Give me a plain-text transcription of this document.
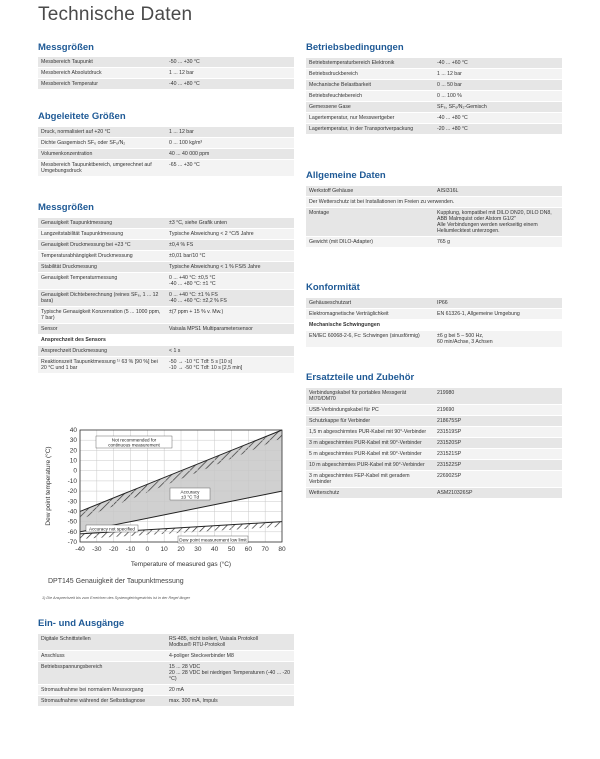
Technische Daten
Messgrößen
Messbereich Taupunkt	-50 ... +30 °C
Messbereich Absolutdruck	1 ... 12 bar
Messbereich Temperatur	-40 ... +80 °C
Abgeleitete Größen
Druck, normalisiert auf +20 °C	1 ... 12 bar
Dichte Gasgemisch SF₆ oder SF₆/N₂	0 ... 100 kg/m³
Volumenkonzentration	40 ... 40 000 ppm
Messbereich Taupunktbereich, umgerechnet auf Umgebungsdruck	-65 ... +30 °C
Messgrößen
Genauigkeit Taupunktmessung	±3 °C, siehe Grafik unten
Langzeitstabilität Taupunktmessung	Typische Abweichung < 2 °C/5 Jahre
Genauigkeit Druckmessung bei +23 °C	±0,4 % FS
Temperaturabhängigkeit Druckmessung	±0,01 bar/10 °C
Stabilität Druckmessung	Typische Abweichung < 1 % FS/5 Jahre
Genauigkeit Temperaturmessung	0 ... +40 °C: ±0,5 °C
-40 ... +80 °C: ±1 °C
Genauigkeit Dichteberechnung (reines SF₆, 1 ... 12 bara)	0 ... +40 °C: ±1 % FS
-40 ... +60 °C: ±2,2 % FS
Typische Genauigkeit Konzenration (5 ... 1000 ppm, 7 bar)	±(7 ppm + 15 % v. Mw.)
Sensor	Vaisala MPS1 Multiparametersensor
Ansprechzeit des Sensors	
Ansprechzeit Druckmessung	< 1 s
Reaktionszeit Taupunktmessung ¹⁾ 63 % [90 %] bei 20 °C und 1 bar	-50 → -10 °C Tdf: 5 s [10 s]
-10 → -50 °C Tdf: 10 s [2,5 min]
-40 -30 -20 -10 0 10 20 30 40 50 60 70 80
40
30
20
10
0
-10
-20
-30
-40
-50
-60
-70
Not recommended for
continuous measurement
Accuracy
±3 °C Td
Accuracy not specified
Dew point measurement low limit
Temperature of measured gas (°C)
Dew point temperature (°C)
DPT145 Genauigkeit der Taupunktmessung
1) Die Ansprechzeit bis zum Erreichen des Systemgleichgewichts ist in der Regel länger
Ein- und Ausgänge
Digitale Schnittstellen	RS-485, nicht isoliert, Vaisala Protokoll
Modbus® RTU-Protokoll
Anschluss	4-poliger Steckverbinder M8
Betriebsspannungsbereich	15 ... 28 VDC
20 ... 28 VDC bei niedrigen Temperaturen (-40 ... -20 °C)
Stromaufnahme bei normalem Messvorgang	20 mA
Stromaufnahme während der Selbstdiagnose	max. 300 mA, Impuls
Betriebsbedingungen
Betriebstemperaturbereich Elektronik	-40 ... +60 °C
Betriebsdruckbereich	1 ... 12 bar
Mechanische Belastbarkeit	0 ... 50 bar
Betriebsfeuchtebereich	0 ... 100 %
Gemessene Gase	SF₆, SF₆/N₂-Gemisch
Lagertemperatur, nur Messwertgeber	-40 ... +80 °C
Lagertemperatur, in der Transportverpackung	-20 ... +80 °C
Allgemeine Daten
Werkstoff Gehäuse	AISI316L
Der Wetterschutz ist bei Installationen im Freien zu verwenden.	
Montage	Kupplung, kompatibel mit DILO DN20, DILO DN8, ABB Malmquist oder Alstom G1/2"
Alle Verbindungen werden werkseitig einem Heliumlecktest unterzogen.
Gewicht (mit DILO-Adapter)	765 g
Konformität
Gehäuseschutzart	IP66
Elektromagnetische Verträglichkeit	EN 61326-1, Allgemeine Umgebung
Mechanische Schwingungen	
EN/IEC 60068-2-6, Fc: Schwingen (sinusförmig)	±6 g bei 5 – 500 Hz,
60 min/Achse, 3 Achsen
Ersatzteile und Zubehör
Verbindungskabel für portables Messgerät MI70/DM70	219980
USB-Verbindungskabel für PC	219690
Schutzkappe für Verbinder	218675SP
1,5 m abgeschirmtes PUR-Kabel mit 90°-Verbinder	231519SP
3 m abgeschirmtes PUR-Kabel mit 90°-Verbinder	231520SP
5 m abgeschirmtes PUR-Kabel mit 90°-Verbinder	231521SP
10 m abgeschirmtes PUR-Kabel mit 90°-Verbinder	231522SP
3 m abgeschirmtes FEP-Kabel mit geradem Verbinder	226902SP
Wetterschutz	ASM210326SP
